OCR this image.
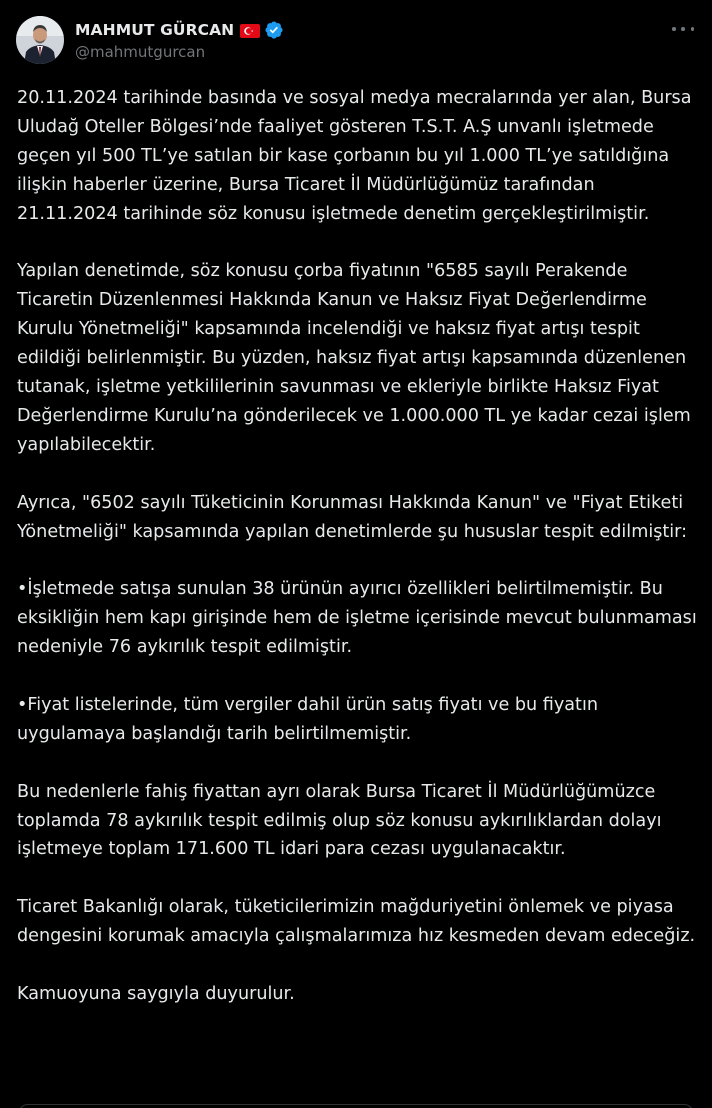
MAHMUT GÜRCAN
@mahmutgurcan

20.11.2024 tarihinde basında ve sosyal medya mecralarında yer alan, Bursa Uludağ Oteller Bölgesi’nde faaliyet gösteren T.S.T. A.Ş unvanlı işletmede geçen yıl 500 TL’ye satılan bir kase çorbanın bu yıl 1.000 TL’ye satıldığına ilişkin haberler üzerine, Bursa Ticaret İl Müdürlüğümüz tarafından 21.11.2024 tarihinde söz konusu işletmede denetim gerçekleştirilmiştir.

Yapılan denetimde, söz konusu çorba fiyatının "6585 sayılı Perakende Ticaretin Düzenlenmesi Hakkında Kanun ve Haksız Fiyat Değerlendirme Kurulu Yönetmeliği" kapsamında incelendiği ve haksız fiyat artışı tespit edildiği belirlenmiştir. Bu yüzden, haksız fiyat artışı kapsamında düzenlenen tutanak, işletme yetkililerinin savunması ve ekleriyle birlikte Haksız Fiyat Değerlendirme Kurulu’na gönderilecek ve 1.000.000 TL ye kadar cezai işlem yapılabilecektir.

Ayrıca, "6502 sayılı Tüketicinin Korunması Hakkında Kanun" ve "Fiyat Etiketi Yönetmeliği" kapsamında yapılan denetimlerde şu hususlar tespit edilmiştir:

•İşletmede satışa sunulan 38 ürünün ayırıcı özellikleri belirtilmemiştir. Bu eksikliğin hem kapı girişinde hem de işletme içerisinde mevcut bulunmaması nedeniyle 76 aykırılık tespit edilmiştir.

•Fiyat listelerinde, tüm vergiler dahil ürün satış fiyatı ve bu fiyatın uygulamaya başlandığı tarih belirtilmemiştir.

Bu nedenlerle fahiş fiyattan ayrı olarak Bursa Ticaret İl Müdürlüğümüzce toplamda 78 aykırılık tespit edilmiş olup söz konusu aykırılıklardan dolayı işletmeye toplam 171.600 TL idari para cezası uygulanacaktır.

Ticaret Bakanlığı olarak, tüketicilerimizin mağduriyetini önlemek ve piyasa dengesini korumak amacıyla çalışmalarımıza hız kesmeden devam edeceğiz.

Kamuoyuna saygıyla duyurulur.
